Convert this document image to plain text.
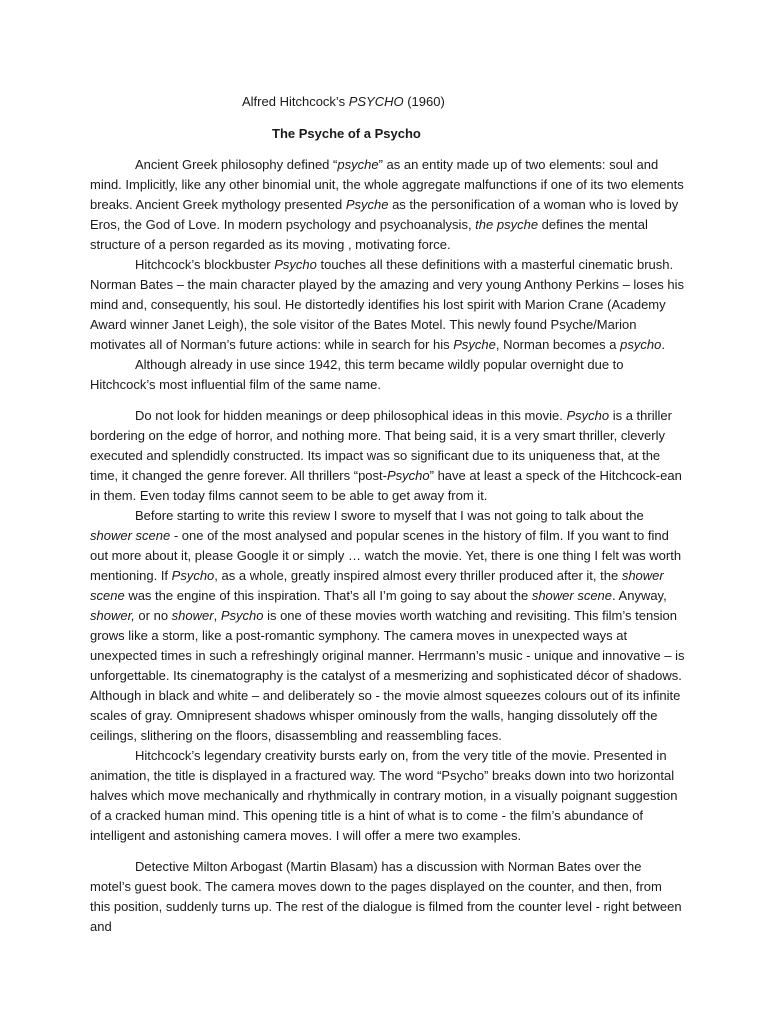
Alfred Hitchcock’s PSYCHO (1960)
The Psyche of a Psycho

Ancient Greek philosophy defined “psyche” as an entity made up of two elements: soul and mind. Implicitly, like any other binomial unit, the whole aggregate malfunctions if one of its two elements breaks. Ancient Greek mythology presented Psyche as the personification of a woman who is loved by Eros, the God of Love. In modern psychology and psychoanalysis, the psyche defines the mental structure of a person regarded as its moving , motivating force.

Hitchcock’s blockbuster Psycho touches all these definitions with a masterful cinematic brush. Norman Bates – the main character played by the amazing and very young Anthony Perkins – loses his mind and, consequently, his soul. He distortedly identifies his lost spirit with Marion Crane (Academy Award winner Janet Leigh), the sole visitor of the Bates Motel. This newly found Psyche/Marion motivates all of Norman’s future actions: while in search for his Psyche, Norman becomes a psycho.

Although already in use since 1942, this term became wildly popular overnight due to Hitchcock’s most influential film of the same name.

Do not look for hidden meanings or deep philosophical ideas in this movie. Psycho is a thriller bordering on the edge of horror, and nothing more. That being said, it is a very smart thriller, cleverly executed and splendidly constructed. Its impact was so significant due to its uniqueness that, at the time, it changed the genre forever. All thrillers “post-Psycho” have at least a speck of the Hitchcock-ean in them. Even today films cannot seem to be able to get away from it.

Before starting to write this review I swore to myself that I was not going to talk about the shower scene - one of the most analysed and popular scenes in the history of film. If you want to find out more about it, please Google it or simply … watch the movie. Yet, there is one thing I felt was worth mentioning. If Psycho, as a whole, greatly inspired almost every thriller produced after it, the shower scene was the engine of this inspiration. That’s all I’m going to say about the shower scene. Anyway, shower, or no shower, Psycho is one of these movies worth watching and revisiting. This film’s tension grows like a storm, like a post-romantic symphony. The camera moves in unexpected ways at unexpected times in such a refreshingly original manner. Herrmann’s music - unique and innovative – is unforgettable. Its cinematography is the catalyst of a mesmerizing and sophisticated décor of shadows. Although in black and white – and deliberately so - the movie almost squeezes colours out of its infinite scales of gray. Omnipresent shadows whisper ominously from the walls, hanging dissolutely off the ceilings, slithering on the floors, disassembling and reassembling faces.

Hitchcock’s legendary creativity bursts early on, from the very title of the movie. Presented in animation, the title is displayed in a fractured way. The word “Psycho” breaks down into two horizontal halves which move mechanically and rhythmically in contrary motion, in a visually poignant suggestion of a cracked human mind. This opening title is a hint of what is to come - the film’s abundance of intelligent and astonishing camera moves. I will offer a mere two examples.

Detective Milton Arbogast (Martin Blasam) has a discussion with Norman Bates over the motel’s guest book. The camera moves down to the pages displayed on the counter, and then, from this position, suddenly turns up. The rest of the dialogue is filmed from the counter level - right between and
